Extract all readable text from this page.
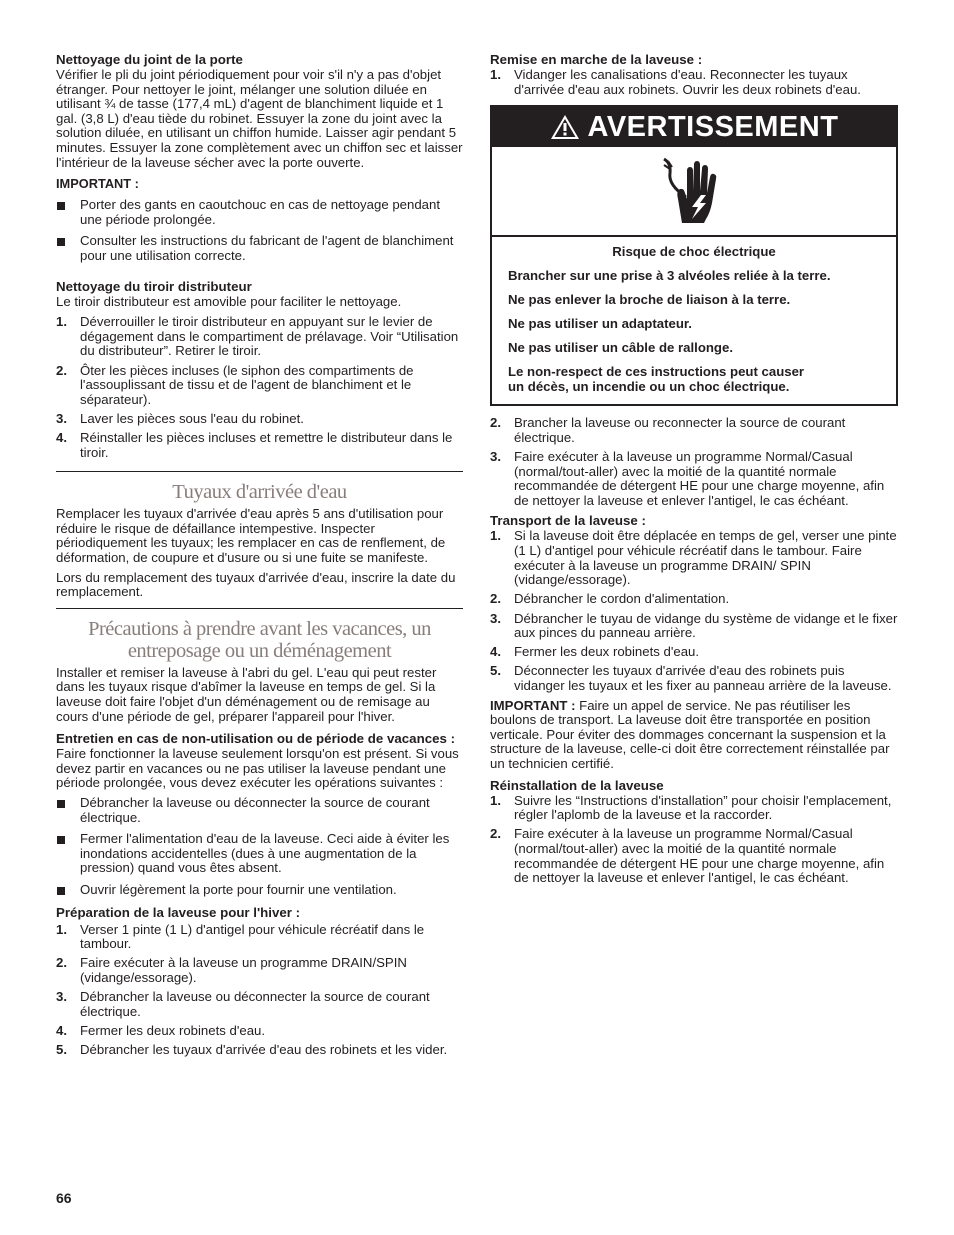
Nettoyage du joint de la porte

Vérifier le pli du joint périodiquement pour voir s'il n'y a pas d'objet étranger. Pour nettoyer le joint, mélanger une solution diluée en utilisant ¾ de tasse (177,4 mL) d'agent de blanchiment liquide et 1 gal. (3,8 L) d'eau tiède du robinet. Essuyer la zone du joint avec la solution diluée, en utilisant un chiffon humide. Laisser agir pendant 5 minutes. Essuyer la zone complètement avec un chiffon sec et laisser l'intérieur de la laveuse sécher avec la porte ouverte.

IMPORTANT :
Porter des gants en caoutchouc en cas de nettoyage pendant une période prolongée.
Consulter les instructions du fabricant de l'agent de blanchiment pour une utilisation correcte.
Nettoyage du tiroir distributeur

Le tiroir distributeur est amovible pour faciliter le nettoyage.

1. Déverrouiller le tiroir distributeur en appuyant sur le levier de dégagement dans le compartiment de prélavage. Voir “Utilisation du distributeur”. Retirer le tiroir.
2. Ôter les pièces incluses (le siphon des compartiments de l'assouplissant de tissu et de l'agent de blanchiment et le séparateur).
3. Laver les pièces sous l'eau du robinet.
4. Réinstaller les pièces incluses et remettre le distributeur dans le tiroir.
Tuyaux d'arrivée d'eau

Remplacer les tuyaux d'arrivée d'eau après 5 ans d'utilisation pour réduire le risque de défaillance intempestive. Inspecter périodiquement les tuyaux; les remplacer en cas de renflement, de déformation, de coupure et d'usure ou si une fuite se manifeste.

Lors du remplacement des tuyaux d'arrivée d'eau, inscrire la date du remplacement.

Précautions à prendre avant les vacances, un
entreposage ou un déménagement

Installer et remiser la laveuse à l'abri du gel. L'eau qui peut rester dans les tuyaux risque d'abîmer la laveuse en temps de gel. Si la laveuse doit faire l'objet d'un déménagement ou de remisage au cours d'une période de gel, préparer l'appareil pour l'hiver.

Entretien en cas de non-utilisation ou de période de vacances :

Faire fonctionner la laveuse seulement lorsqu'on est présent. Si vous devez partir en vacances ou ne pas utiliser la laveuse pendant une période prolongée, vous devez exécuter les opérations suivantes :

Débrancher la laveuse ou déconnecter la source de courant électrique.
Fermer l'alimentation d'eau de la laveuse. Ceci aide à éviter les inondations accidentelles (dues à une augmentation de la pression) quand vous êtes absent.
Ouvrir légèrement la porte pour fournir une ventilation.
Préparation de la laveuse pour l'hiver :
1. Verser 1 pinte (1 L) d'antigel pour véhicule récréatif dans le tambour.
2. Faire exécuter à la laveuse un programme DRAIN/SPIN (vidange/essorage).
3. Débrancher la laveuse ou déconnecter la source de courant électrique.
4. Fermer les deux robinets d'eau.
5. Débrancher les tuyaux d'arrivée d'eau des robinets et les vider.
Remise en marche de la laveuse :
1. Vidanger les canalisations d'eau. Reconnecter les tuyaux d'arrivée d'eau aux robinets. Ouvrir les deux robinets d'eau.
AVERTISSEMENT
Risque de choc électrique
Brancher sur une prise à 3 alvéoles reliée à la terre.
Ne pas enlever la broche de liaison à la terre.
Ne pas utiliser un adaptateur.
Ne pas utiliser un câble de rallonge.
Le non-respect de ces instructions peut causer
un décès, un incendie ou un choc électrique.
2. Brancher la laveuse ou reconnecter la source de courant électrique.
3. Faire exécuter à la laveuse un programme Normal/Casual (normal/tout-aller) avec la moitié de la quantité normale recommandée de détergent HE pour une charge moyenne, afin de nettoyer la laveuse et enlever l'antigel, le cas échéant.
Transport de la laveuse :
1. Si la laveuse doit être déplacée en temps de gel, verser une pinte (1 L) d'antigel pour véhicule récréatif dans le tambour. Faire exécuter à la laveuse un programme DRAIN/ SPIN (vidange/essorage).
2. Débrancher le cordon d'alimentation.
3. Débrancher le tuyau de vidange du système de vidange et le fixer aux pinces du panneau arrière.
4. Fermer les deux robinets d'eau.
5. Déconnecter les tuyaux d'arrivée d'eau des robinets puis vidanger les tuyaux et les fixer au panneau arrière de la laveuse.

IMPORTANT : Faire un appel de service. Ne pas réutiliser les boulons de transport. La laveuse doit être transportée en position verticale. Pour éviter des dommages concernant la suspension et la structure de la laveuse, celle-ci doit être correctement réinstallée par un technicien certifié.

Réinstallation de la laveuse
1. Suivre les “Instructions d'installation” pour choisir l'emplacement, régler l'aplomb de la laveuse et la raccorder.
2. Faire exécuter à la laveuse un programme Normal/Casual (normal/tout-aller) avec la moitié de la quantité normale recommandée de détergent HE pour une charge moyenne, afin de nettoyer la laveuse et enlever l'antigel, le cas échéant.
66
